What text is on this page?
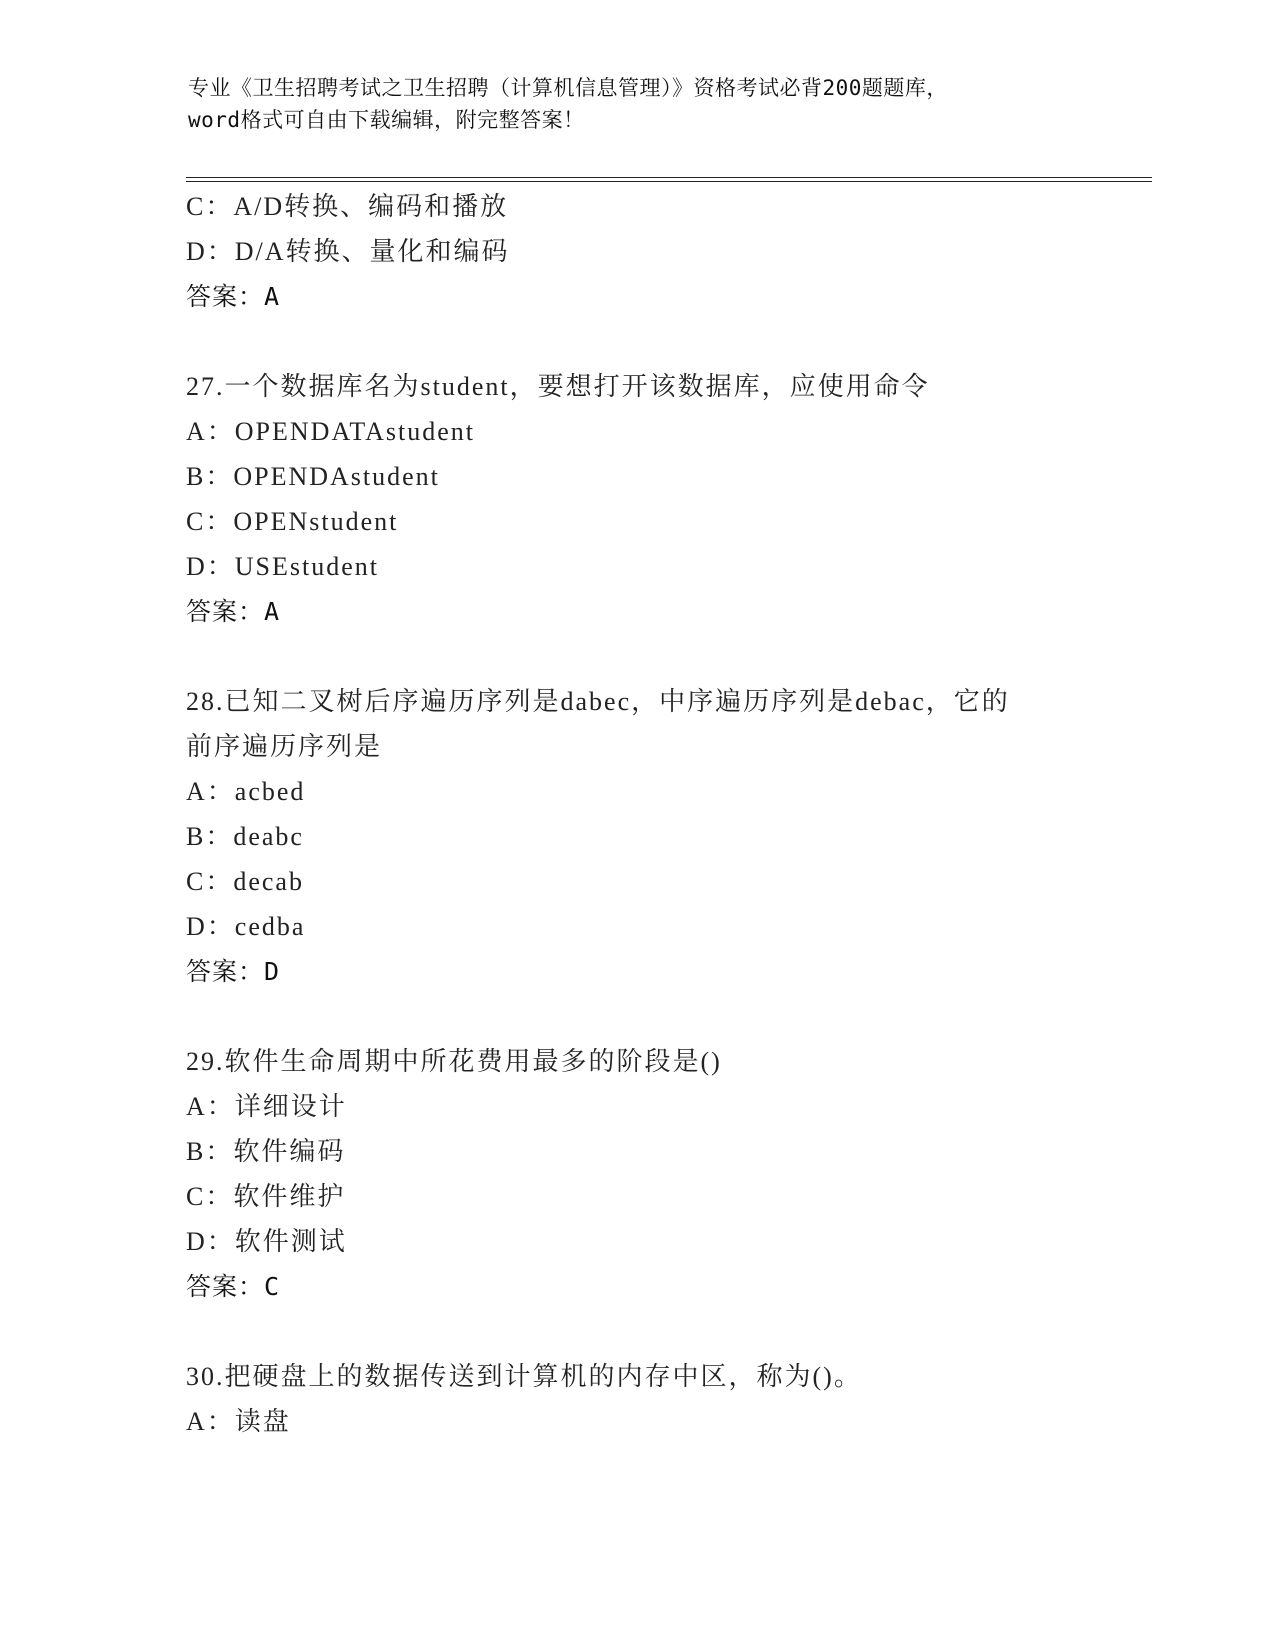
专业《卫生招聘考试之卫生招聘（计算机信息管理）》资格考试必背200题题库，
word格式可自由下载编辑，附完整答案！
C：A/D转换、编码和播放
D：D/A转换、量化和编码
答案：A
27.一个数据库名为student，要想打开该数据库，应使用命令
A：OPENDATAstudent
B：OPENDAstudent
C：OPENstudent
D：USEstudent
答案：A
28.已知二叉树后序遍历序列是dabec，中序遍历序列是debac，它的
前序遍历序列是
A：acbed
B：deabc
C：decab
D：cedba
答案：D
29.软件生命周期中所花费用最多的阶段是()
A：详细设计
B：软件编码
C：软件维护
D：软件测试
答案：C
30.把硬盘上的数据传送到计算机的内存中区，称为()。
A：读盘
